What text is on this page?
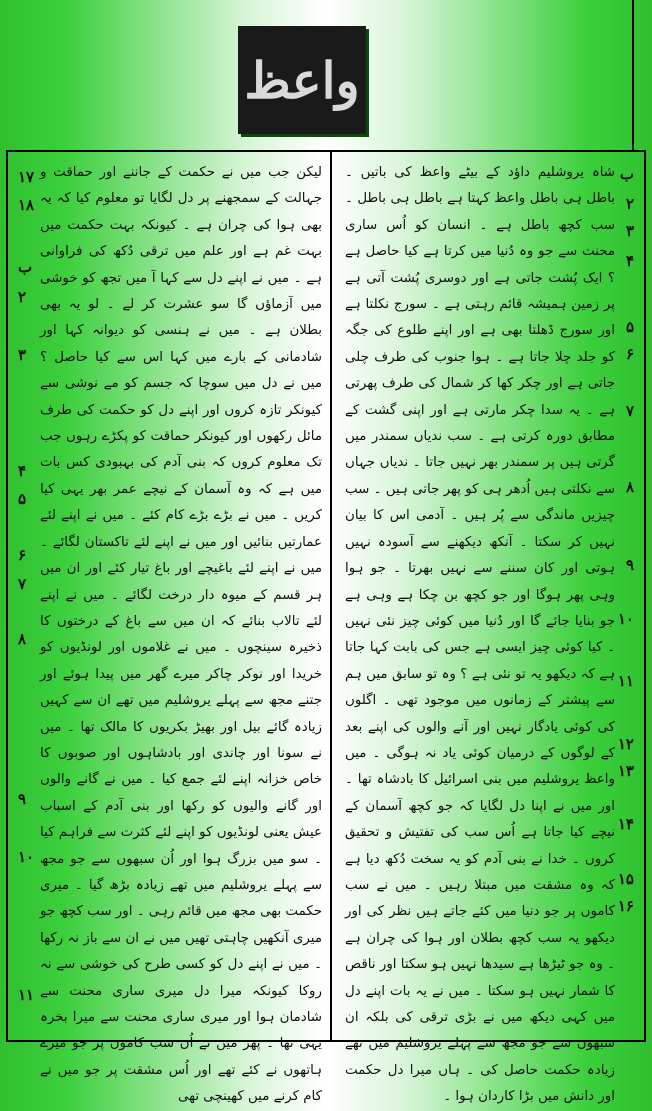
واعظ

شاہ یروشلیم داؤد کے بیٹے واعظ کی باتیں ۔ باطل ہی باطل واعظ کہتا ہے باطل ہی باطل ۔ سب کچھ باطل ہے ۔ انسان کو اُس ساری محنت سے جو وہ دُنیا میں کرتا ہے کیا حاصل ہے ؟ ایک پُشت جاتی ہے اور دوسری پُشت آتی ہے پر زمین ہمیشہ قائم رہتی ہے ۔ سورج نکلتا ہے اور سورج ڈھلتا بھی ہے اور اپنے طلوع کی جگہ کو جلد چلا جاتا ہے ۔ ہوا جنوب کی طرف چلی جاتی ہے اور چکر کھا کر شمال کی طرف پھرتی ہے ۔ یہ سدا چکر مارتی ہے اور اپنی گشت کے مطابق دورہ کرتی ہے ۔ سب ندیاں سمندر میں گرتی ہیں پر سمندر بھر نہیں جاتا ۔ ندیاں جہاں سے نکلتی ہیں اُدھر ہی کو پھر جاتی ہیں ۔ سب چیزیں ماندگی سے پُر ہیں ۔ آدمی اس کا بیان نہیں کر سکتا ۔ آنکھ دیکھنے سے آسودہ نہیں ہوتی اور کان سننے سے نہیں بھرتا ۔ جو ہوا وہی پھر ہوگا اور جو کچھ بن چکا ہے وہی ہے جو بنایا جائے گا اور دُنیا میں کوئی چیز نئی نہیں ۔ کیا کوئی چیز ایسی ہے جس کی بابت کہا جاتا ہے کہ دیکھو یہ تو نئی ہے ؟ وہ تو سابق میں ہم سے پیشتر کے زمانوں میں موجود تھی ۔ اگلوں کی کوئی یادگار نہیں اور آنے والوں کی اپنے بعد کے لوگوں کے درمیان کوئی یاد نہ ہوگی ۔ میں واعظ یروشلیم میں بنی اسرائیل کا بادشاہ تھا ۔ اور میں نے اپنا دل لگایا کہ جو کچھ آسمان کے نیچے کیا جاتا ہے اُس سب کی تفتیش و تحقیق کروں ۔ خدا نے بنی آدم کو یہ سخت دُکھ دیا ہے کہ وہ مشقت میں مبتلا رہیں ۔ میں نے سب کاموں پر جو دنیا میں کئے جاتے ہیں نظر کی اور دیکھو یہ سب کچھ بطلان اور ہوا کی چران ہے ۔ وہ جو ٹیڑھا ہے سیدھا نہیں ہو سکتا اور ناقص کا شمار نہیں ہو سکتا ۔ میں نے یہ بات اپنے دل میں کہی دیکھ میں نے بڑی ترقی کی بلکہ ان سبھوں سے جو مجھ سے پہلے یروشلیم میں تھے زیادہ حکمت حاصل کی ۔ ہاں میرا دل حکمت اور دانش میں بڑا کاردان ہوا ۔

لیکن جب میں نے حکمت کے جاننے اور حماقت و جہالت کے سمجھنے پر دل لگایا تو معلوم کیا کہ یہ بھی ہوا کی چران ہے ۔ کیونکہ بہت حکمت میں بہت غم ہے اور علم میں ترقی دُکھ کی فراوانی ہے ۔ میں نے اپنے دل سے کہا آ میں تجھ کو خوشی میں آزماؤں گا سو عشرت کر لے ۔ لو یہ بھی بطلان ہے ۔ میں نے ہنسی کو دیوانہ کہا اور شادمانی کے بارے میں کہا اس سے کیا حاصل ؟ میں نے دل میں سوچا کہ جسم کو مے نوشی سے کیونکر تازہ کروں اور اپنے دل کو حکمت کی طرف مائل رکھوں اور کیونکر حماقت کو پکڑے رہوں جب تک معلوم کروں کہ بنی آدم کی بہبودی کس بات میں ہے کہ وہ آسمان کے نیچے عمر بھر یہی کیا کریں ۔ میں نے بڑے بڑے کام کئے ۔ میں نے اپنے لئے عمارتیں بنائیں اور میں نے اپنے لئے تاکستان لگائے ۔ میں نے اپنے لئے باغیچے اور باغ تیار کئے اور ان میں ہر قسم کے میوہ دار درخت لگائے ۔ میں نے اپنے لئے تالاب بنائے کہ ان میں سے باغ کے درختوں کا ذخیرہ سینچوں ۔ میں نے غلاموں اور لونڈیوں کو خریدا اور نوکر چاکر میرے گھر میں پیدا ہوئے اور جتنے مجھ سے پہلے یروشلیم میں تھے ان سے کہیں زیادہ گائے بیل اور بھیڑ بکریوں کا مالک تھا ۔ میں نے سونا اور چاندی اور بادشاہوں اور صوبوں کا خاص خزانہ اپنے لئے جمع کیا ۔ میں نے گانے والوں اور گانے والیوں کو رکھا اور بنی آدم کے اسباب عیش یعنی لونڈیوں کو اپنے لئے کثرت سے فراہم کیا ۔ سو میں بزرگ ہوا اور اُن سبھوں سے جو مجھ سے پہلے یروشلیم میں تھے زیادہ بڑھ گیا ۔ میری حکمت بھی مجھ میں قائم رہی ۔ اور سب کچھ جو میری آنکھیں چاہتی تھیں میں نے ان سے باز نہ رکھا ۔ میں نے اپنے دل کو کسی طرح کی خوشی سے نہ روکا کیونکہ میرا دل میری ساری محنت سے شادمان ہوا اور میری ساری محنت سے میرا بخرہ یہی تھا ۔ پھر میں نے اُن سب کاموں پر جو میرے ہاتھوں نے کئے تھے اور اُس مشقت پر جو میں نے کام کرنے میں کھینچی تھی

ب
۲
۳
۴
۵
۶
۷
۸
۹
۱۰
۱۱
۱۲
۱۳
۱۴
۱۵
۱۶
۱۷
۱۸
ب
۲
۳
۴
۵
۶
۷
۸
۹
۱۰
۱۱
